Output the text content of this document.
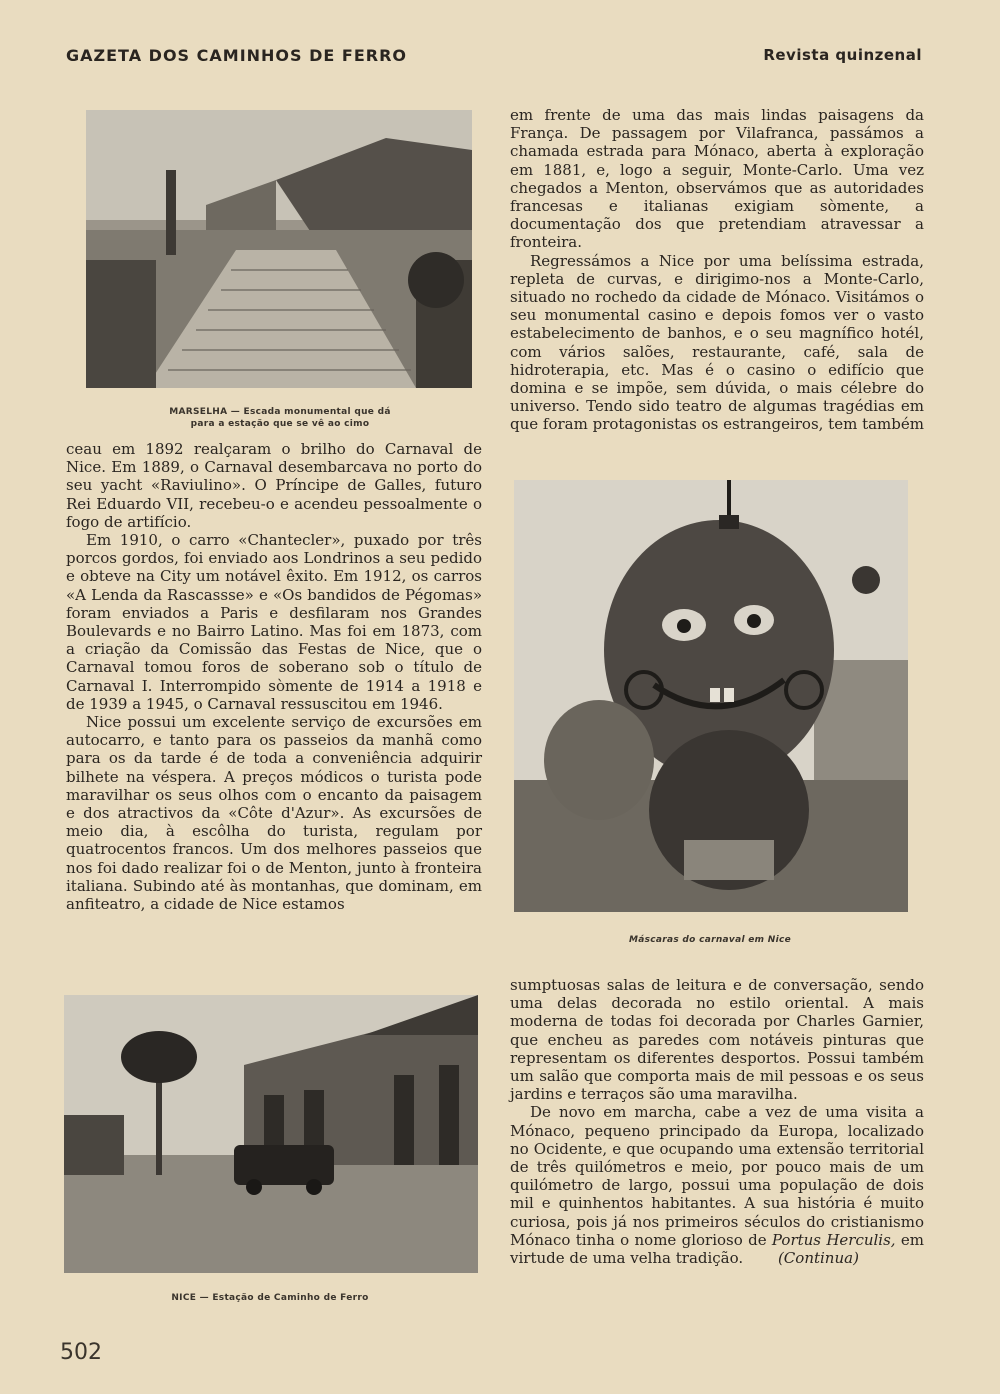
GAZETA DOS CAMINHOS DE FERRO	Revista quinzenal
MARSELHA — Escada monumental que dá para a estação que se vê ao cimo

ceau em 1892 realçaram o brilho do Carnaval de Nice. Em 1889, o Carnaval desembarcava no porto do seu yacht «Raviulino». O Príncipe de Galles, futuro Rei Eduardo VII, recebeu-o e acendeu pessoalmente o fogo de artifício.

Em 1910, o carro «Chantecler», puxado por três porcos gordos, foi enviado aos Londrinos a seu pedido e obteve na City um notável êxito. Em 1912, os carros «A Lenda da Rascassse» e «Os bandidos de Pégomas» foram enviados a Paris e desfilaram nos Grandes Boulevards e no Bairro Latino. Mas foi em 1873, com a criação da Comissão das Festas de Nice, que o Carnaval tomou foros de soberano sob o título de Carnaval I. Interrompido sòmente de 1914 a 1918 e de 1939 a 1945, o Carnaval ressuscitou em 1946.

Nice possui um excelente serviço de excursões em autocarro, e tanto para os passeios da manhã como para os da tarde é de toda a conveniência adquirir bilhete na véspera. A preços módicos o turista pode maravilhar os seus olhos com o encanto da paisagem e dos atractivos da «Côte d'Azur». As excursões de meio dia, à escôlha do turista, regulam por quatrocentos francos. Um dos melhores passeios que nos foi dado realizar foi o de Menton, junto à fronteira italiana. Subindo até às montanhas, que dominam, em anfiteatro, a cidade de Nice estamos

NICE — Estação de Caminho de Ferro

em frente de uma das mais lindas paisagens da França. De passagem por Vilafranca, passámos a chamada estrada para Mónaco, aberta à exploração em 1881, e, logo a seguir, Monte-Carlo. Uma vez chegados a Menton, observámos que as autoridades francesas e italianas exigiam sòmente, a documentação dos que pretendiam atravessar a fronteira.

Regressámos a Nice por uma belíssima estrada, repleta de curvas, e dirigimo-nos a Monte-Carlo, situado no rochedo da cidade de Mónaco. Visitámos o seu monumental casino e depois fomos ver o vasto estabelecimento de banhos, e o seu magnífico hotél, com vários salões, restaurante, café, sala de hidroterapia, etc. Mas é o casino o edifício que domina e se impõe, sem dúvida, o mais célebre do universo. Tendo sido teatro de algumas tragédias em que foram protagonistas os estrangeiros, tem também

Máscaras do carnaval em Nice

sumptuosas salas de leitura e de conversação, sendo uma delas decorada no estilo oriental. A mais moderna de todas foi decorada por Charles Garnier, que encheu as paredes com notáveis pinturas que representam os diferentes desportos. Possui também um salão que comporta mais de mil pessoas e os seus jardins e terraços são uma maravilha.

De novo em marcha, cabe a vez de uma visita a Mónaco, pequeno principado da Europa, localizado no Ocidente, e que ocupando uma extensão territorial de três quilómetros e meio, por pouco mais de um quilómetro de largo, possui uma população de dois mil e quinhentos habitantes. A sua história é muito curiosa, pois já nos primeiros séculos do cristianismo Mónaco tinha o nome glorioso de Portus Herculis, em virtude de uma velha tradição. (Continua)

502
